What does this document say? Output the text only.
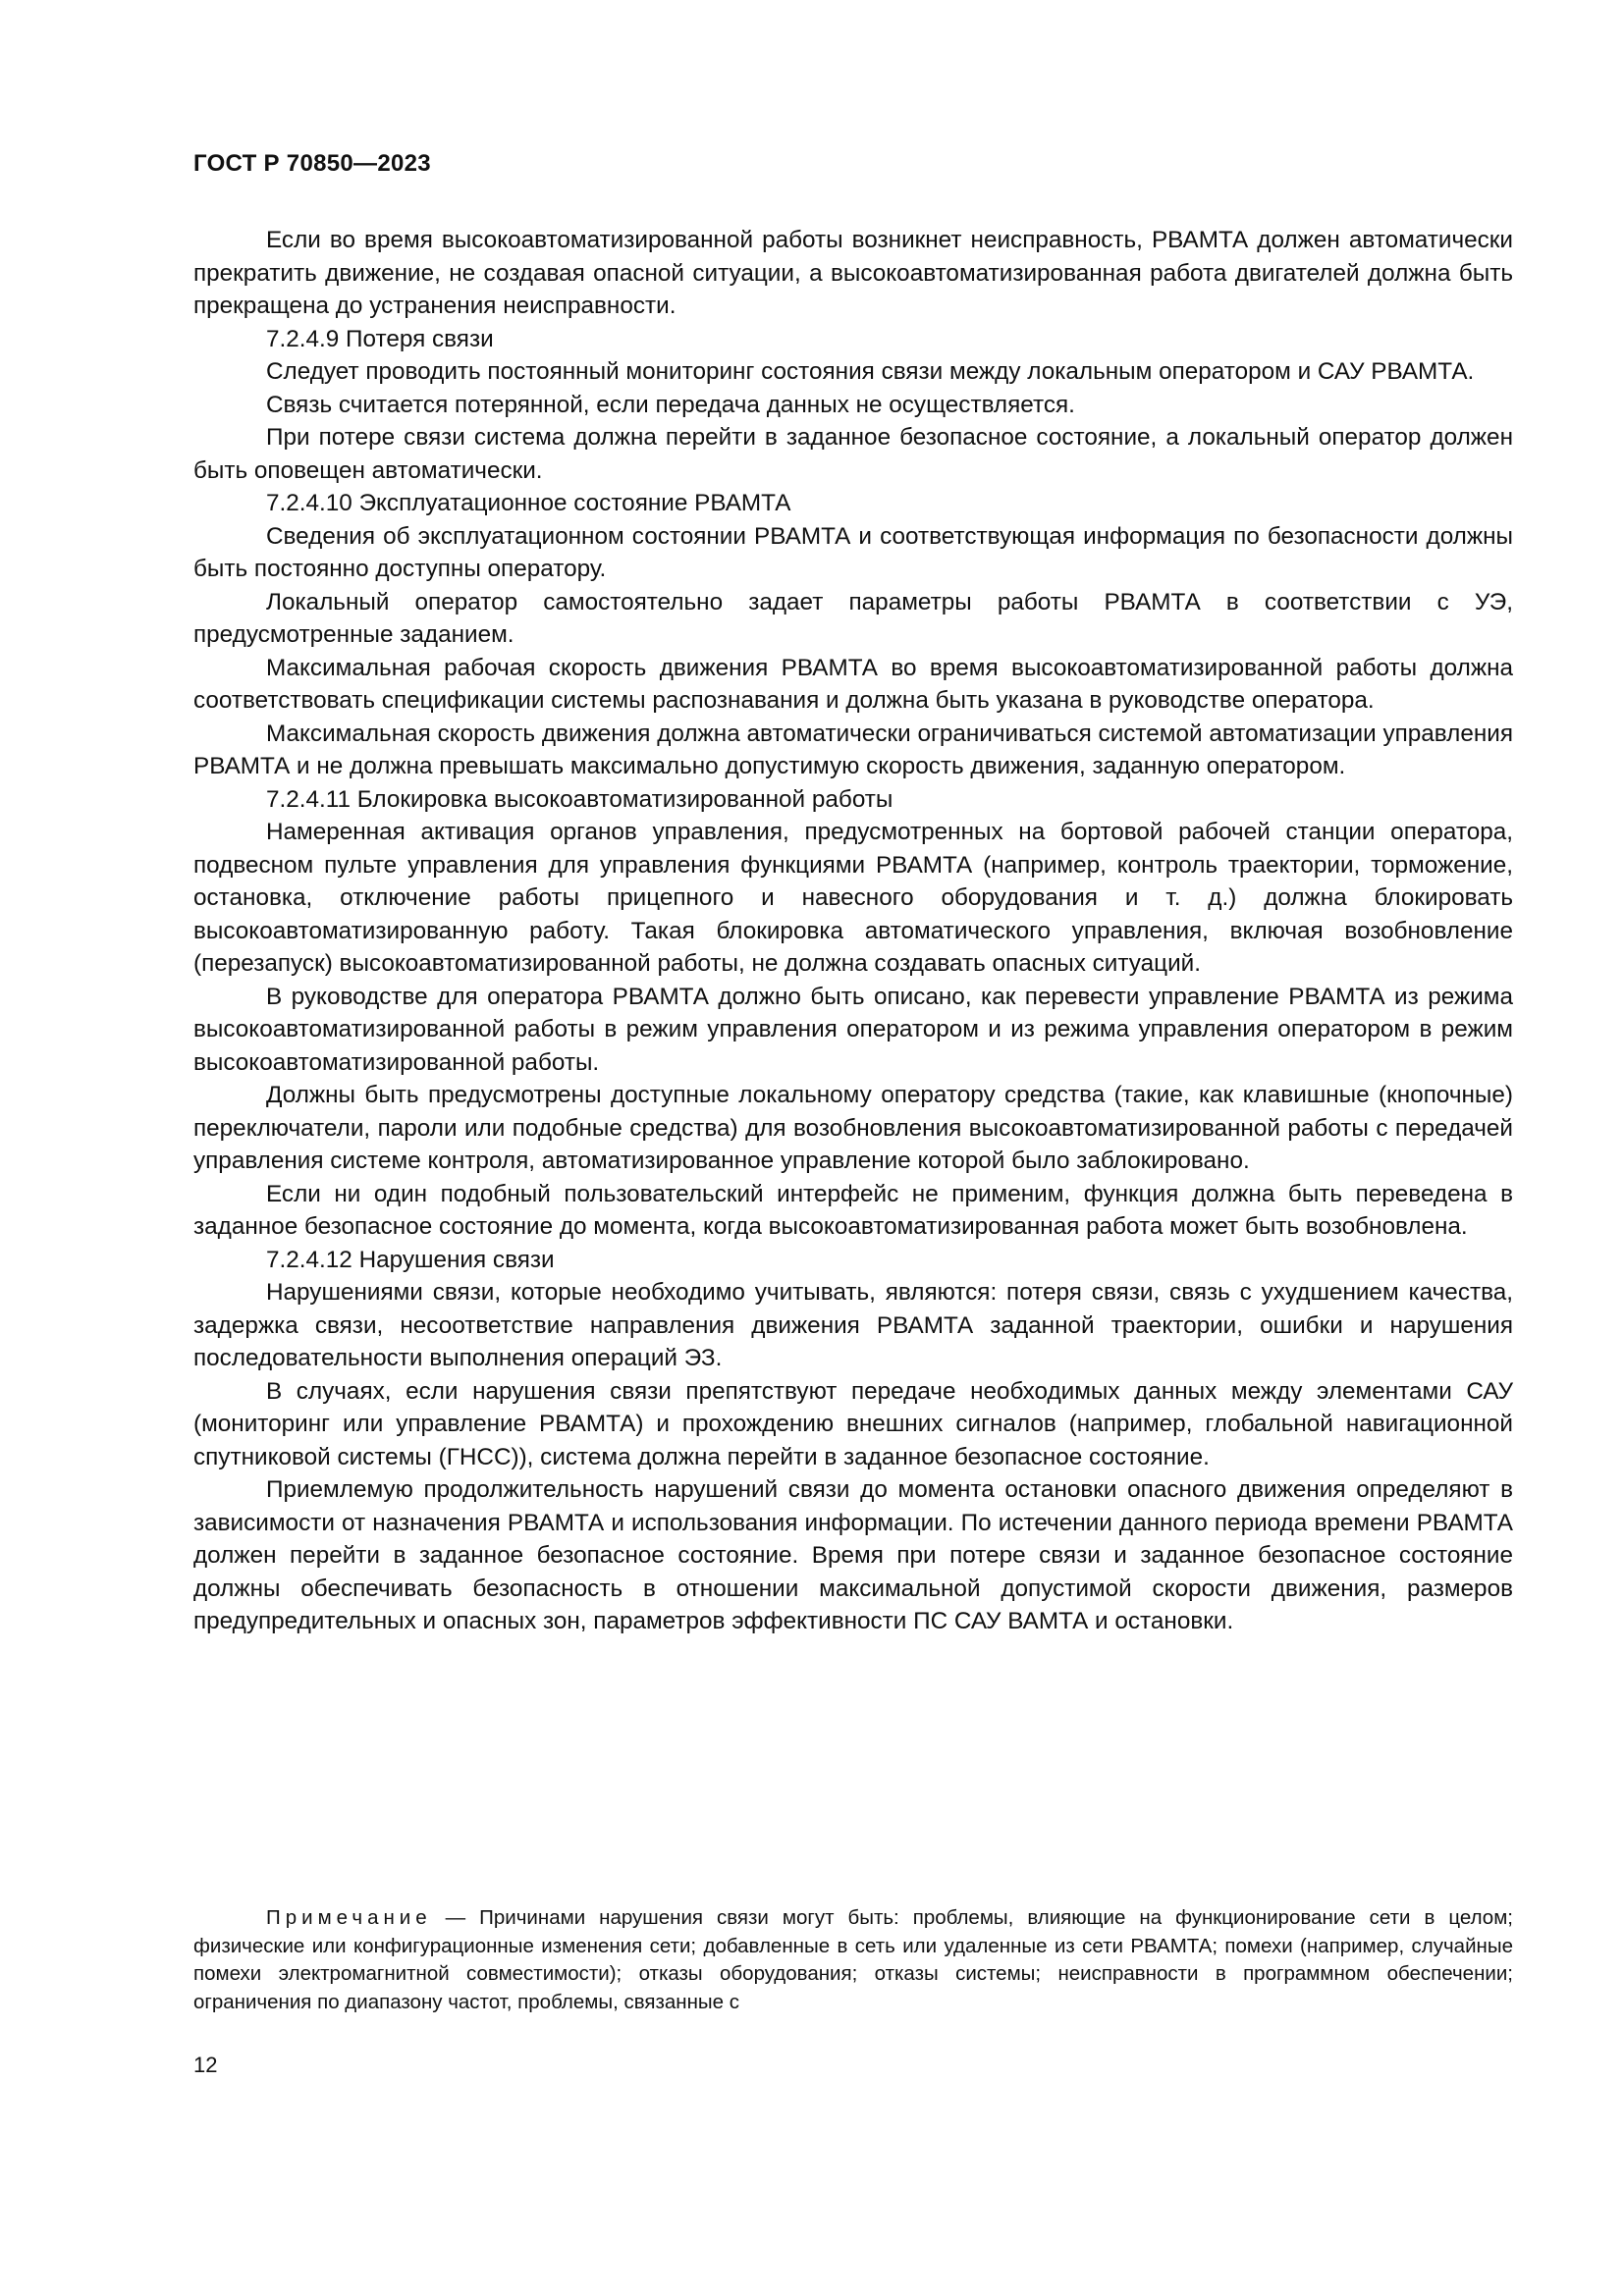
ГОСТ Р 70850—2023

Если во время высокоавтоматизированной работы возникнет неисправность, РВАМТА должен автоматически прекратить движение, не создавая опасной ситуации, а высокоавтоматизированная работа двигателей должна быть прекращена до устранения неисправности.

7.2.4.9 Потеря связи

Следует проводить постоянный мониторинг состояния связи между локальным оператором и САУ РВАМТА.

Связь считается потерянной, если передача данных не осуществляется.

При потере связи система должна перейти в заданное безопасное состояние, а локальный оператор должен быть оповещен автоматически.

7.2.4.10 Эксплуатационное состояние РВАМТА

Сведения об эксплуатационном состоянии РВАМТА и соответствующая информация по безопасности должны быть постоянно доступны оператору.

Локальный оператор самостоятельно задает параметры работы РВАМТА в соответствии с УЭ, предусмотренные заданием.

Максимальная рабочая скорость движения РВАМТА во время высокоавтоматизированной работы должна соответствовать спецификации системы распознавания и должна быть указана в руководстве оператора.

Максимальная скорость движения должна автоматически ограничиваться системой автоматизации управления РВАМТА и не должна превышать максимально допустимую скорость движения, заданную оператором.

7.2.4.11 Блокировка высокоавтоматизированной работы

Намеренная активация органов управления, предусмотренных на бортовой рабочей станции оператора, подвесном пульте управления для управления функциями РВАМТА (например, контроль траектории, торможение, остановка, отключение работы прицепного и навесного оборудования и т. д.) должна блокировать высокоавтоматизированную работу. Такая блокировка автоматического управления, включая возобновление (перезапуск) высокоавтоматизированной работы, не должна создавать опасных ситуаций.

В руководстве для оператора РВАМТА должно быть описано, как перевести управление РВАМТА из режима высокоавтоматизированной работы в режим управления оператором и из режима управления оператором в режим высокоавтоматизированной работы.

Должны быть предусмотрены доступные локальному оператору средства (такие, как клавишные (кнопочные) переключатели, пароли или подобные средства) для возобновления высокоавтоматизированной работы с передачей управления системе контроля, автоматизированное управление которой было заблокировано.

Если ни один подобный пользовательский интерфейс не применим, функция должна быть переведена в заданное безопасное состояние до момента, когда высокоавтоматизированная работа может быть возобновлена.

7.2.4.12 Нарушения связи

Нарушениями связи, которые необходимо учитывать, являются: потеря связи, связь с ухудшением качества, задержка связи, несоответствие направления движения РВАМТА заданной траектории, ошибки и нарушения последовательности выполнения операций ЭЗ.

В случаях, если нарушения связи препятствуют передаче необходимых данных между элементами САУ (мониторинг или управление РВАМТА) и прохождению внешних сигналов (например, глобальной навигационной спутниковой системы (ГНСС)), система должна перейти в заданное безопасное состояние.

Приемлемую продолжительность нарушений связи до момента остановки опасного движения определяют в зависимости от назначения РВАМТА и использования информации. По истечении данного периода времени РВАМТА должен перейти в заданное безопасное состояние. Время при потере связи и заданное безопасное состояние должны обеспечивать безопасность в отношении максимальной допустимой скорости движения, размеров предупредительных и опасных зон, параметров эффективности ПС САУ ВАМТА и остановки.

Примечание — Причинами нарушения связи могут быть: проблемы, влияющие на функционирование сети в целом; физические или конфигурационные изменения сети; добавленные в сеть или удаленные из сети РВАМТА; помехи (например, случайные помехи электромагнитной совместимости); отказы оборудования; отказы системы; неисправности в программном обеспечении; ограничения по диапазону частот, проблемы, связанные с

12
